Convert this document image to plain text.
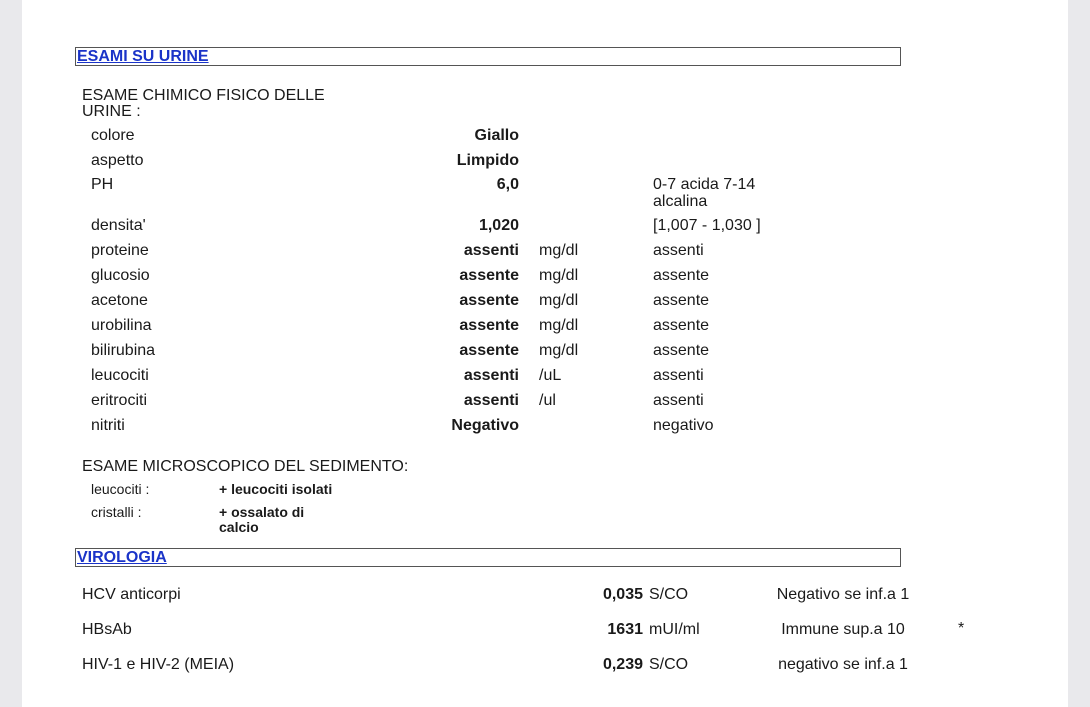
ESAMI SU URINE
ESAME CHIMICO FISICO DELLE
URINE :
colore	Giallo
aspetto	Limpido
PH	6,0	0-7 acida 7-14
alcalina
densita'	1,020	[1,007 - 1,030 ]
proteine	assenti mg/dl	assenti
glucosio	assente mg/dl	assente
acetone	assente mg/dl	assente
urobilina	assente mg/dl	assente
bilirubina	assente mg/dl	assente
leucociti	assenti /uL	assenti
eritrociti	assenti /ul	assenti
nitriti	Negativo	negativo
ESAME MICROSCOPICO DEL SEDIMENTO:
leucociti :	+ leucociti isolati
cristalli :	+ ossalato di
calcio
VIROLOGIA
HCV anticorpi	0,035 S/CO	Negativo se inf.a 1
HBsAb	1631 mUI/ml	Immune sup.a 10	*
HIV-1 e HIV-2 (MEIA)	0,239 S/CO	negativo se inf.a 1
